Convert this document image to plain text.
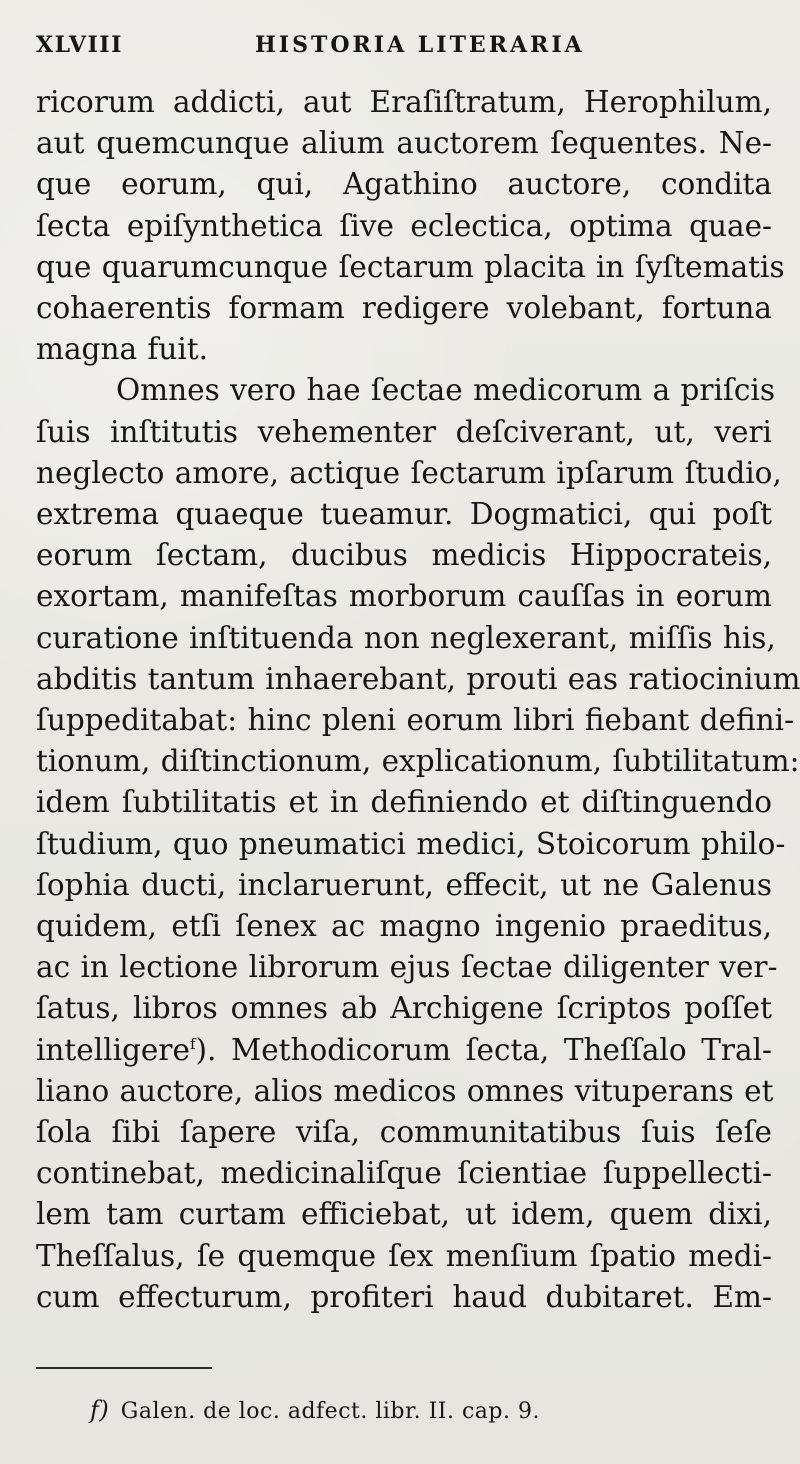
XLVIII	HISTORIA LITERARIA
ricorum addicti, aut Eraſiſtratum, Herophilum,
aut quemcunque alium auctorem ſequentes. Ne-
que eorum, qui, Agathino auctore, condita
ſecta epiſynthetica ſive eclectica, optima quae-
que quarumcunque ſectarum placita in ſyſtematis
cohaerentis formam redigere volebant, fortuna
magna fuit.
Omnes vero hae ſectae medicorum a priſcis
ſuis inſtitutis vehementer deſciverant, ut, veri
neglecto amore, actique ſectarum ipſarum ſtudio,
extrema quaeque tueamur. Dogmatici, qui poſt
eorum ſectam, ducibus medicis Hippocrateis,
exortam, manifeſtas morborum cauſſas in eorum
curatione inſtituenda non neglexerant, miſſis his,
abditis tantum inhaerebant, prouti eas ratiocinium
ſuppeditabat: hinc pleni eorum libri fiebant defini-
tionum, diſtinctionum, explicationum, ſubtilitatum:
idem ſubtilitatis et in definiendo et diſtinguendo
ſtudium, quo pneumatici medici, Stoicorum philo-
ſophia ducti, inclaruerunt, effecit, ut ne Galenus
quidem, etſi ſenex ac magno ingenio praeditus,
ac in lectione librorum ejus ſectae diligenter ver-
ſatus, libros omnes ab Archigene ſcriptos poſſet
intelligere$^f$). Methodicorum ſecta, Theſſalo Tral-
liano auctore, alios medicos omnes vituperans et
ſola ſibi ſapere viſa, communitatibus ſuis ſeſe
continebat, medicinaliſque ſcientiae ſuppellecti-
lem tam curtam efficiebat, ut idem, quem dixi,
Theſſalus, ſe quemque ſex menſium ſpatio medi-
cum effecturum, profiteri haud dubitaret. Em-
f) Galen. de loc. adfect. libr. II. cap. 9.
